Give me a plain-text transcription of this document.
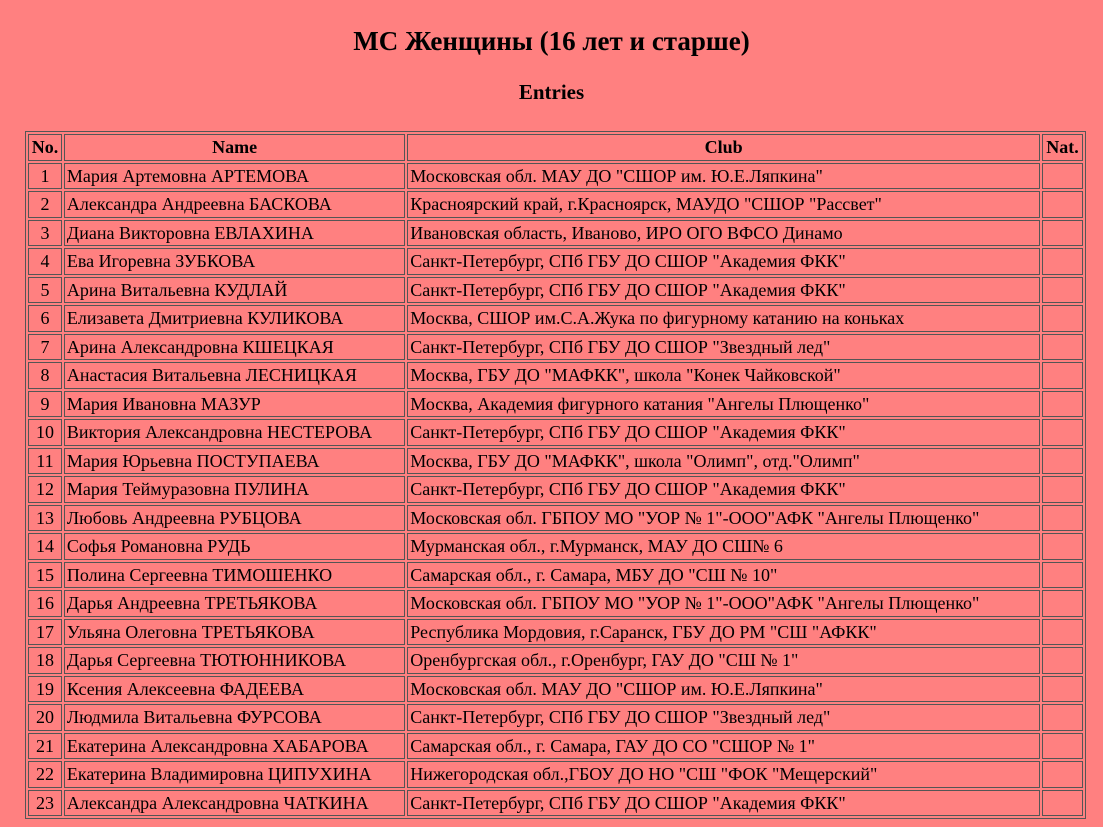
МС Женщины (16 лет и старше)
Entries
No.	Name	Club	Nat.
1	Мария Артемовна АРТЕМОВА	Московская обл. МАУ ДО "СШОР им. Ю.Е.Ляпкина"	
2	Александра Андреевна БАСКОВА	Красноярский край, г.Красноярск, МАУДО "СШОР "Рассвет"	
3	Диана Викторовна ЕВЛАХИНА	Ивановская область, Иваново, ИРО ОГО ВФСО Динамо	
4	Ева Игоревна ЗУБКОВА	Санкт-Петербург, СПб ГБУ ДО СШОР "Академия ФКК"	
5	Арина Витальевна КУДЛАЙ	Санкт-Петербург, СПб ГБУ ДО СШОР "Академия ФКК"	
6	Елизавета Дмитриевна КУЛИКОВА	Москва, СШОР им.С.А.Жука по фигурному катанию на коньках	
7	Арина Александровна КШЕЦКАЯ	Санкт-Петербург, СПб ГБУ ДО СШОР "Звездный лед"	
8	Анастасия Витальевна ЛЕСНИЦКАЯ	Москва, ГБУ ДО "МАФКК", школа "Конек Чайковской"	
9	Мария Ивановна МАЗУР	Москва, Академия фигурного катания "Ангелы Плющенко"	
10	Виктория Александровна НЕСТЕРОВА	Санкт-Петербург, СПб ГБУ ДО СШОР "Академия ФКК"	
11	Мария Юрьевна ПОСТУПАЕВА	Москва, ГБУ ДО "МАФКК", школа "Олимп", отд."Олимп"	
12	Мария Теймуразовна ПУЛИНА	Санкт-Петербург, СПб ГБУ ДО СШОР "Академия ФКК"	
13	Любовь Андреевна РУБЦОВА	Московская обл. ГБПОУ МО "УОР № 1"-ООО"АФК "Ангелы Плющенко"	
14	Софья Романовна РУДЬ	Мурманская обл., г.Мурманск, МАУ ДО СШ№ 6	
15	Полина Сергеевна ТИМОШЕНКО	Самарская обл., г. Самара, МБУ ДО "СШ № 10"	
16	Дарья Андреевна ТРЕТЬЯКОВА	Московская обл. ГБПОУ МО "УОР № 1"-ООО"АФК "Ангелы Плющенко"	
17	Ульяна Олеговна ТРЕТЬЯКОВА	Республика Мордовия, г.Саранск, ГБУ ДО РМ "СШ "АФКК"	
18	Дарья Сергеевна ТЮТЮННИКОВА	Оренбургская обл., г.Оренбург, ГАУ ДО "СШ № 1"	
19	Ксения Алексеевна ФАДЕЕВА	Московская обл. МАУ ДО "СШОР им. Ю.Е.Ляпкина"	
20	Людмила Витальевна ФУРСОВА	Санкт-Петербург, СПб ГБУ ДО СШОР "Звездный лед"	
21	Екатерина Александровна ХАБАРОВА	Самарская обл., г. Самара, ГАУ ДО СО "СШОР № 1"	
22	Екатерина Владимировна ЦИПУХИНА	Нижегородская обл.,ГБОУ ДО НО "СШ "ФОК "Мещерский"	
23	Александра Александровна ЧАТКИНА	Санкт-Петербург, СПб ГБУ ДО СШОР "Академия ФКК"	
